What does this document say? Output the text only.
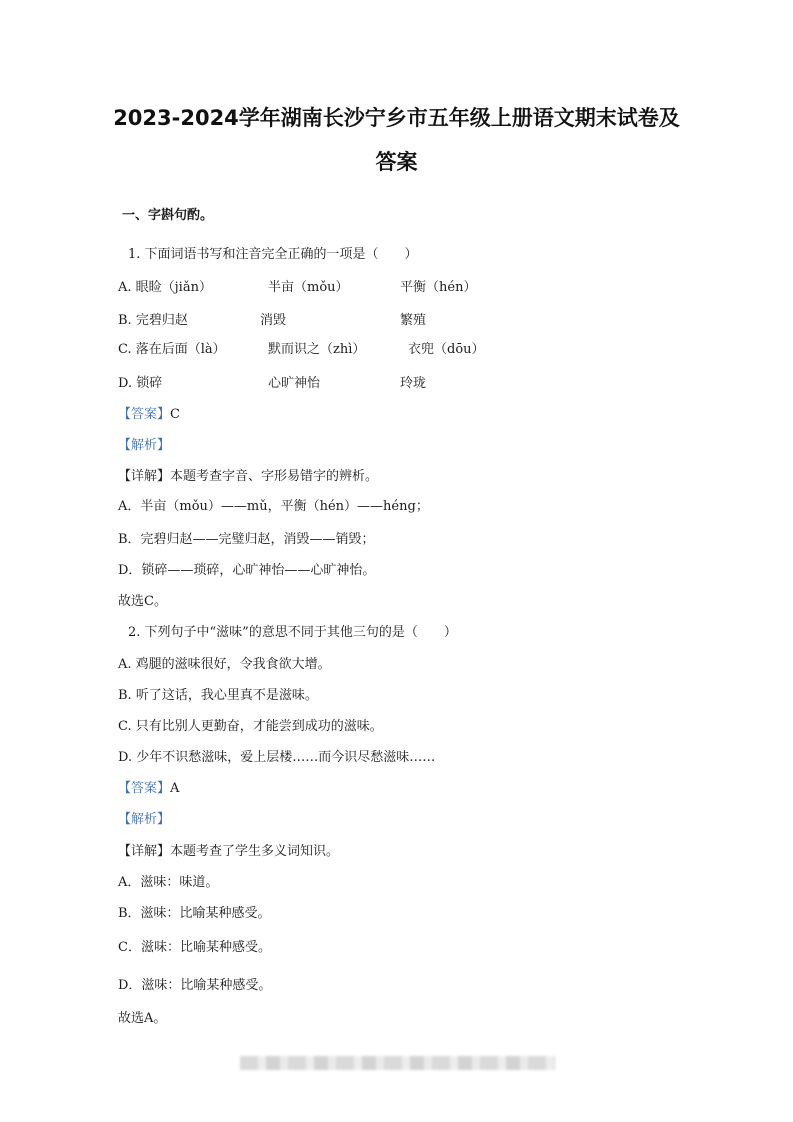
2023-2024学年湖南长沙宁乡市五年级上册语文期末试卷及
答案
一、字斟句酌。
1. 下面词语书写和注音完全正确的一项是（　　）
A. 眼睑（jiǎn）	半亩（mǒu）	平衡（hén）
B. 完碧归赵	消毁	繁殖
C. 落在后面（là）	默而识之（zhì）	衣兜（dōu）
D. 锁碎	心旷神怡	玲珑
【答案】C
【解析】
【详解】本题考查字音、字形易错字的辨析。
A．半亩（mǒu）——mǔ，平衡（hén）——héng；
B．完碧归赵——完璧归赵，消毁——销毁；
D．锁碎——琐碎，心旷神怡——心旷神怡。
故选C。
2. 下列句子中“滋味”的意思不同于其他三句的是（　　）
A. 鸡腿的滋味很好，令我食欲大增。
B. 听了这话，我心里真不是滋味。
C. 只有比别人更勤奋，才能尝到成功的滋味。
D. 少年不识愁滋味，爱上层楼……而今识尽愁滋味……
【答案】A
【解析】
【详解】本题考查了学生多义词知识。
A．滋味：味道。
B．滋味：比喻某种感受。
C．滋味：比喻某种感受。
D．滋味：比喻某种感受。
故选A。
